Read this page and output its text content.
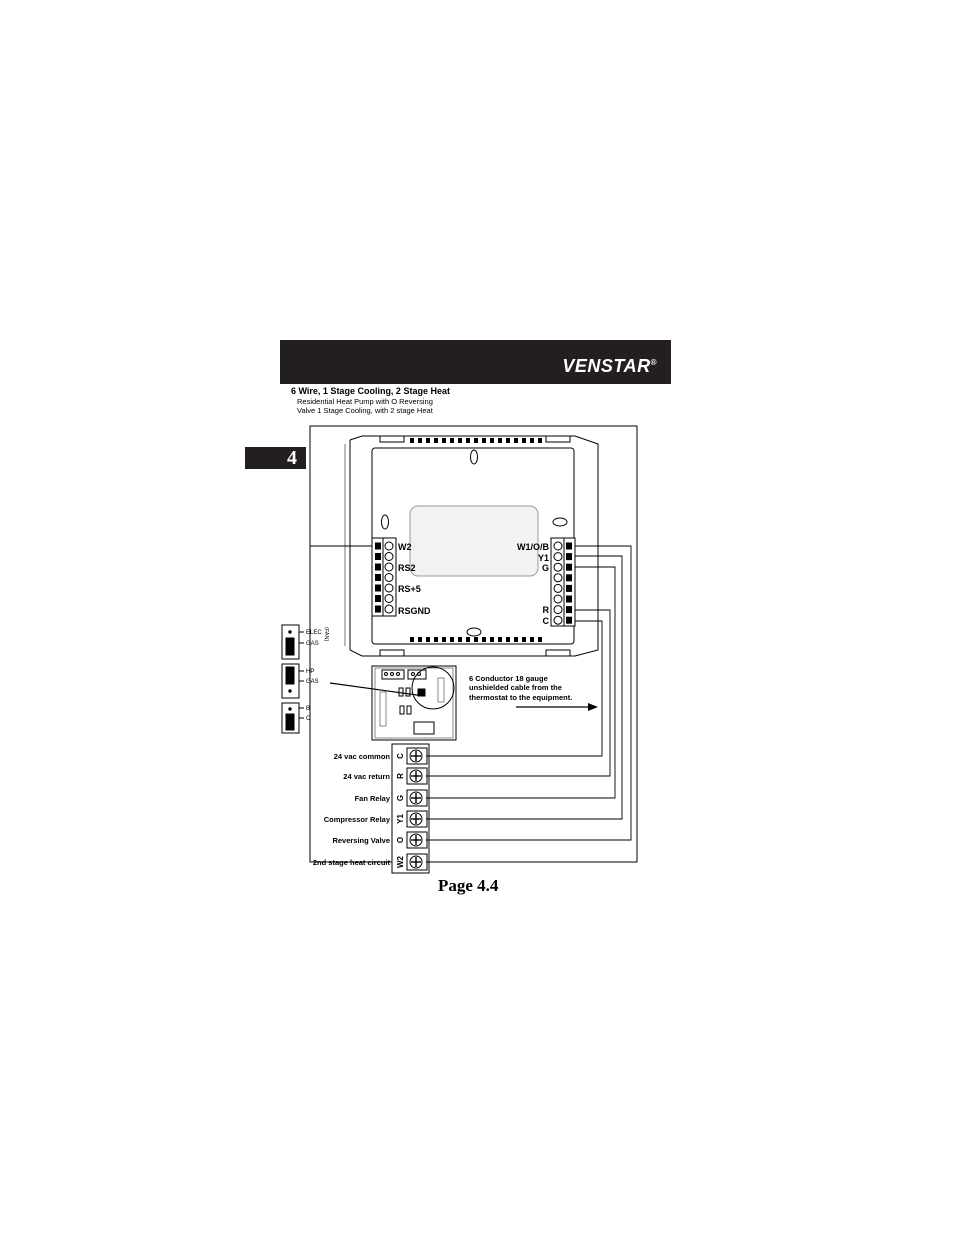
VENSTAR®
4
6 Wire, 1 Stage Cooling, 2 Stage Heat
Residential Heat Pump with O Reversing
Valve 1 Stage Cooling, with 2 stage Heat
W2
RS2
RS+5
RSGND
W1/O/B
Y1
G
R
C
ELEC
GAS
(FAN)
HP
GAS
B
O
6 Conductor 18 gauge
unshielded cable from the
thermostat to the equipment.
C
24 vac common
R
24 vac return
G
Fan Relay
Y1
Compressor Relay
O
Reversing Valve
W2
2nd stage heat circuit
Page 4.4
